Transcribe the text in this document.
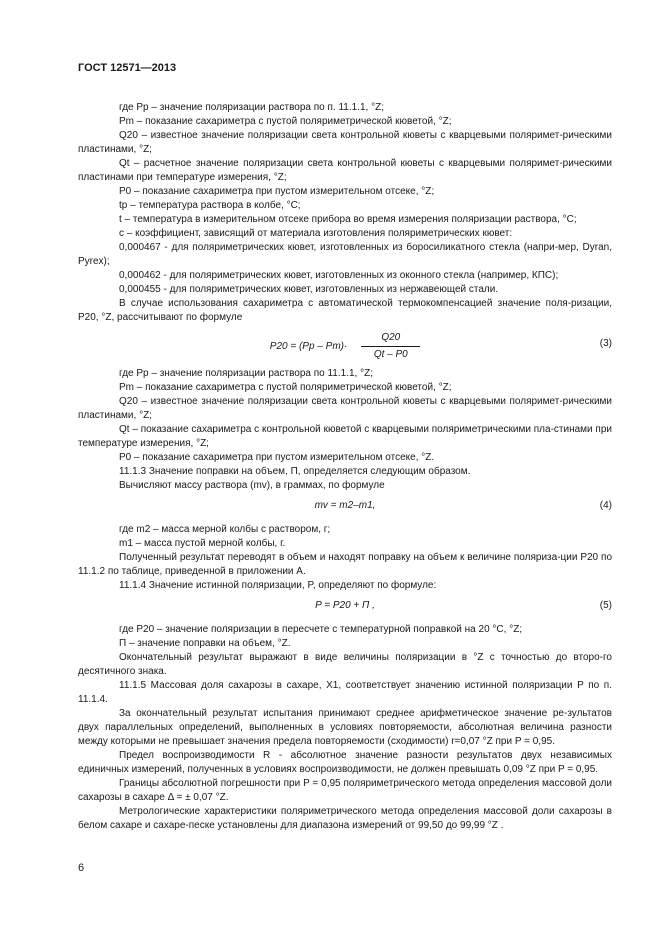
ГОСТ 12571—2013

где Pp – значение поляризации раствора по п. 11.1.1, °Z;

Pm – показание сахариметра с пустой поляриметрической кюветой, °Z;

Q20 – известное значение поляризации света контрольной кюветы с кварцевыми поляримет-рическими пластинами, °Z;

Qt – расчетное значение поляризации света контрольной кюветы с кварцевыми поляримет-рическими пластинами при температуре измерения, °Z;

P0 – показание сахариметра при пустом измерительном отсеке, °Z;

tp – температура раствора в колбе, °C;

t – температура в измерительном отсеке прибора во время измерения поляризации раствора, °C;

c – коэффициент, зависящий от материала изготовления поляриметрических кювет:

0,000467 - для поляриметрических кювет, изготовленных из боросиликатного стекла (напри-мер, Dyran, Pyrex);

0,000462 - для поляриметрических кювет, изготовленных из оконного стекла (например, КПС);

0,000455 - для поляриметрических кювет, изготовленных из нержавеющей стали.

В случае использования сахариметра с автоматической термокомпенсацией значение поля-ризации, P20, °Z, рассчитывают по формуле

$P20 = (Pp - Pm)\cdot \frac{Q20}{Qt - P0}$	(3)

где Pp – значение поляризации раствора по 11.1.1, °Z;

Pm – показание сахариметра с пустой поляриметрической кюветой, °Z;

Q20 – известное значение поляризации света контрольной кюветы с кварцевыми поляримет-рическими пластинами, °Z;

Qt – показание сахариметра с контрольной кюветой с кварцевыми поляриметрическими пла-стинами при температуре измерения, °Z;

P0 – показание сахариметра при пустом измерительном отсеке, °Z.

11.1.3 Значение поправки на объем, П, определяется следующим образом.

Вычисляют массу раствора (mv), в граммах, по формуле

mv = m2–m1,	(4)

где m2 – масса мерной колбы с раствором, г;

m1 – масса пустой мерной колбы, г.

Полученный результат переводят в объем и находят поправку на объем к величине поляриза-ции P20 по 11.1.2 по таблице, приведенной в приложении А.

11.1.4 Значение истинной поляризации, P, определяют по формуле:

P = P20 + П ,	(5)

где P20 – значение поляризации в пересчете с температурной поправкой на 20 °C, °Z;

П – значение поправки на объем, °Z.

Окончательный результат выражают в виде величины поляризации в °Z с точностью до второ-го десятичного знака.

11.1.5 Массовая доля сахарозы в сахаре, X1, соответствует значению истинной поляризации P по п. 11.1.4.

За окончательный результат испытания принимают среднее арифметическое значение ре-зультатов двух параллельных определений, выполненных в условиях повторяемости, абсолютная величина разности между которыми не превышает значения предела повторяемости (сходимости) r=0,07 °Z при P = 0,95.

Предел воспроизводимости R - абсолютное значение разности результатов двух независимых единичных измерений, полученных в условиях воспроизводимости, не должен превышать 0,09 °Z при P = 0,95.

Границы абсолютной погрешности при P = 0,95 поляриметрического метода определения массовой доли сахарозы в сахаре Δ = ± 0,07 °Z.

Метрологические характеристики поляриметрического метода определения массовой доли сахарозы в белом сахаре и сахаре-песке установлены для диапазона измерений от 99,50 до 99,99 °Z .

6
